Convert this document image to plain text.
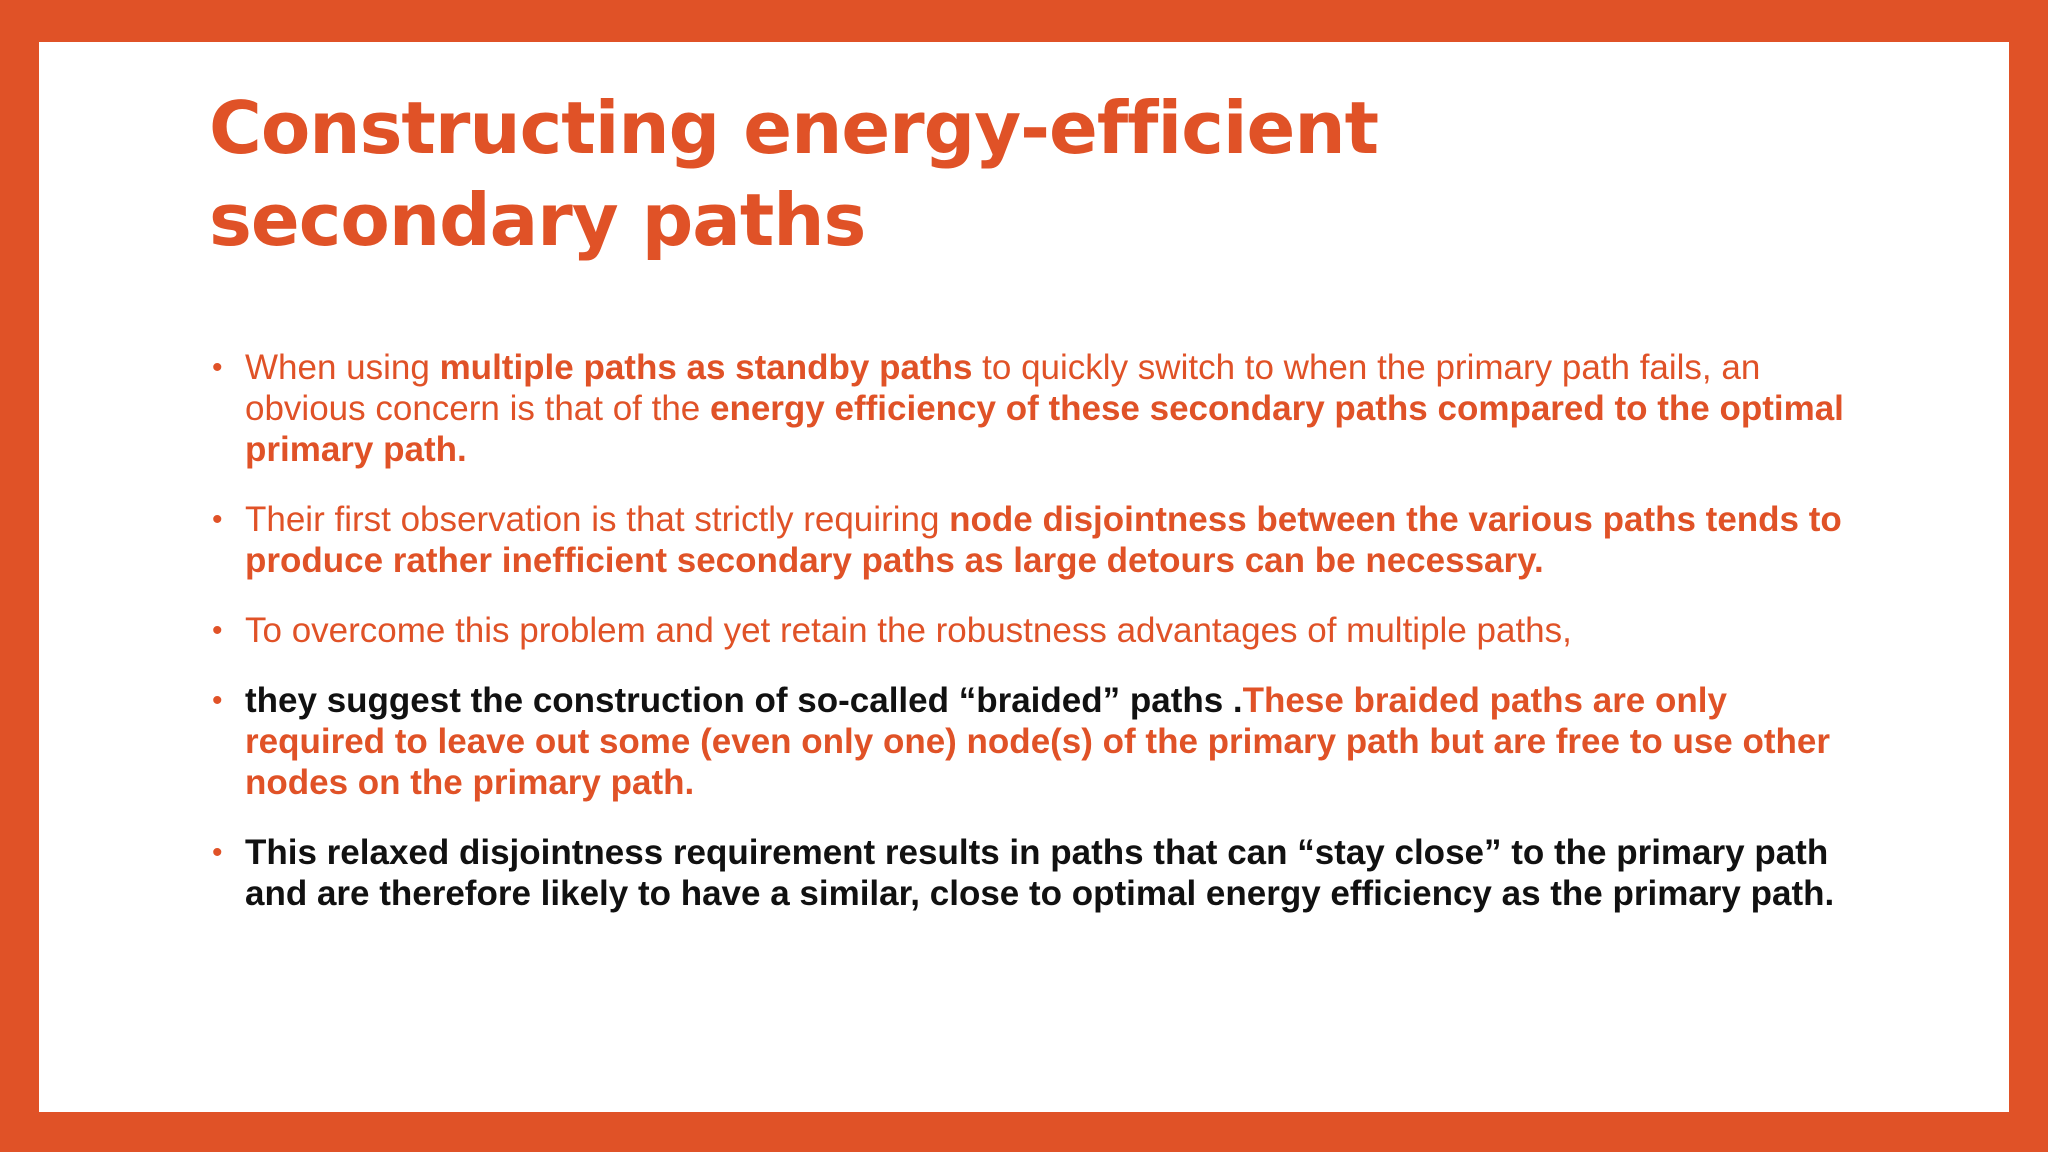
Constructing energy-efficient secondary paths
• When using multiple paths as standby paths to quickly switch to when the primary path fails, an obvious concern is that of the energy efficiency of these secondary paths compared to the optimal primary path.
• Their first observation is that strictly requiring node disjointness between the various paths tends to produce rather inefficient secondary paths as large detours can be necessary.
• To overcome this problem and yet retain the robustness advantages of multiple paths,
• they suggest the construction of so-called “braided” paths .These braided paths are only required to leave out some (even only one) node(s) of the primary path but are free to use other nodes on the primary path.
• This relaxed disjointness requirement results in paths that can “stay close” to the primary path and are therefore likely to have a similar, close to optimal energy efficiency as the primary path.
